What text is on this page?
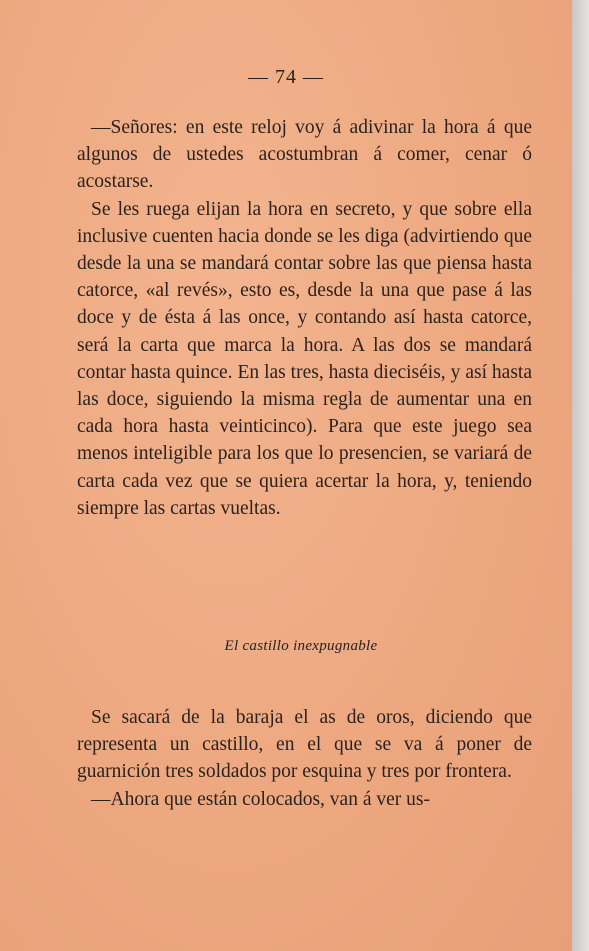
— 74 —

—Señores: en este reloj voy á adivinar la hora á que algunos de ustedes acostumbran á comer, cenar ó acostarse.

Se les ruega elijan la hora en secreto, y que sobre ella inclusive cuenten hacia donde se les diga (advirtiendo que desde la una se mandará contar sobre las que piensa hasta catorce, «al revés», esto es, desde la una que pase á las doce y de ésta á las once, y contando así hasta catorce, será la carta que marca la hora. A las dos se mandará contar hasta quince. En las tres, hasta dieciséis, y así hasta las doce, siguiendo la misma regla de aumentar una en cada hora hasta veinticinco). Para que este juego sea menos inteligible para los que lo presencien, se variará de carta cada vez que se quiera acertar la hora, y, teniendo siempre las cartas vueltas.

El castillo inexpugnable

Se sacará de la baraja el as de oros, diciendo que representa un castillo, en el que se va á poner de guarnición tres soldados por esquina y tres por frontera.

—Ahora que están colocados, van á ver us-
